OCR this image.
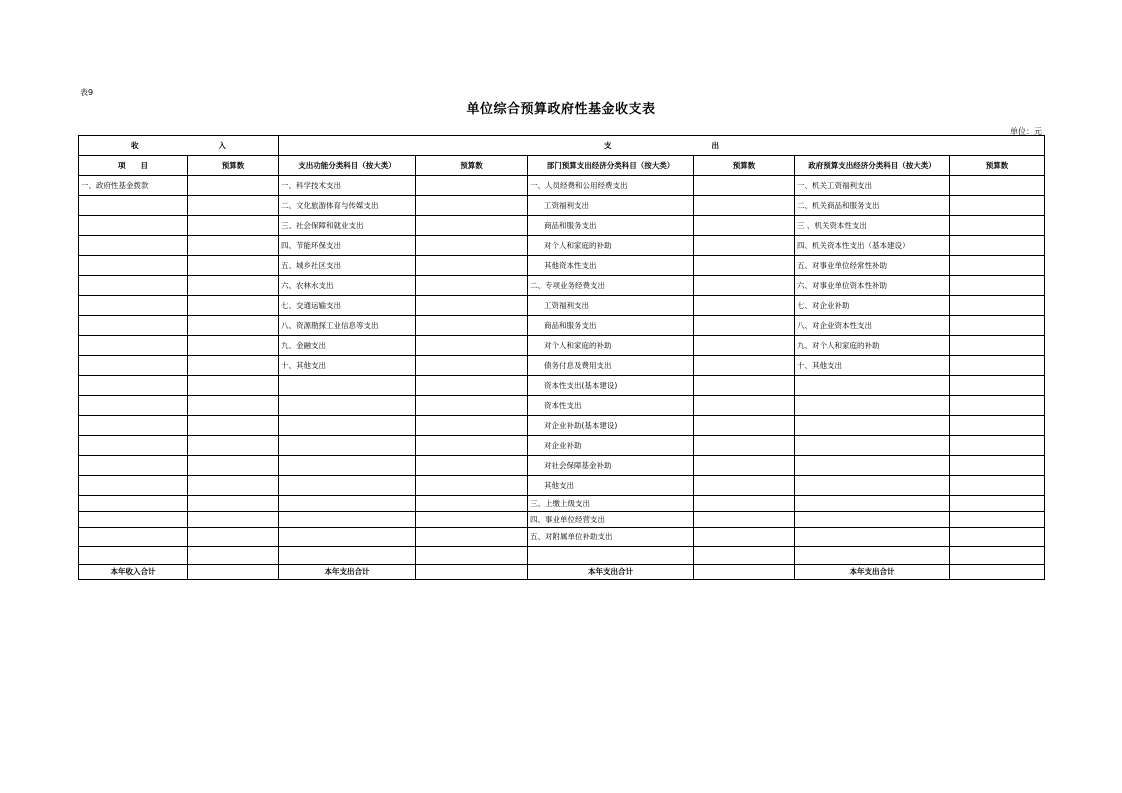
表9
单位综合预算政府性基金收支表
单位：元
收 入		支 出					
项　　目	预算数	支出功能分类科目（按大类）	预算数	部门预算支出经济分类科目（按大类）	预算数	政府预算支出经济分类科目（按大类）	预算数
一、政府性基金拨款		一、科学技术支出		一、人员经费和公用经费支出		一、机关工资福利支出	
		二、文化旅游体育与传媒支出		工资福利支出		二、机关商品和服务支出	
		三、社会保障和就业支出		商品和服务支出		三 、机关资本性支出	
		四、节能环保支出		对个人和家庭的补助		四、机关资本性支出（基本建设）	
		五、城乡社区支出		其他资本性支出		五、对事业单位经常性补助	
		六、农林水支出		二、专项业务经费支出		六、对事业单位资本性补助	
		七、交通运输支出		工资福利支出		七、对企业补助	
		八、资源勘探工业信息等支出		商品和服务支出		八、对企业资本性支出	
		九、金融支出		对个人和家庭的补助		九、对个人和家庭的补助	
		十、其他支出		债务付息及费用支出		十、其他支出	
				资本性支出(基本建设)			
				资本性支出			
				对企业补助(基本建设)			
				对企业补助			
				对社会保障基金补助			
				其他支出			
				三、上缴上级支出			
				四、事业单位经营支出			
				五、对附属单位补助支出			

本年收入合计		本年支出合计		本年支出合计		本年支出合计	
